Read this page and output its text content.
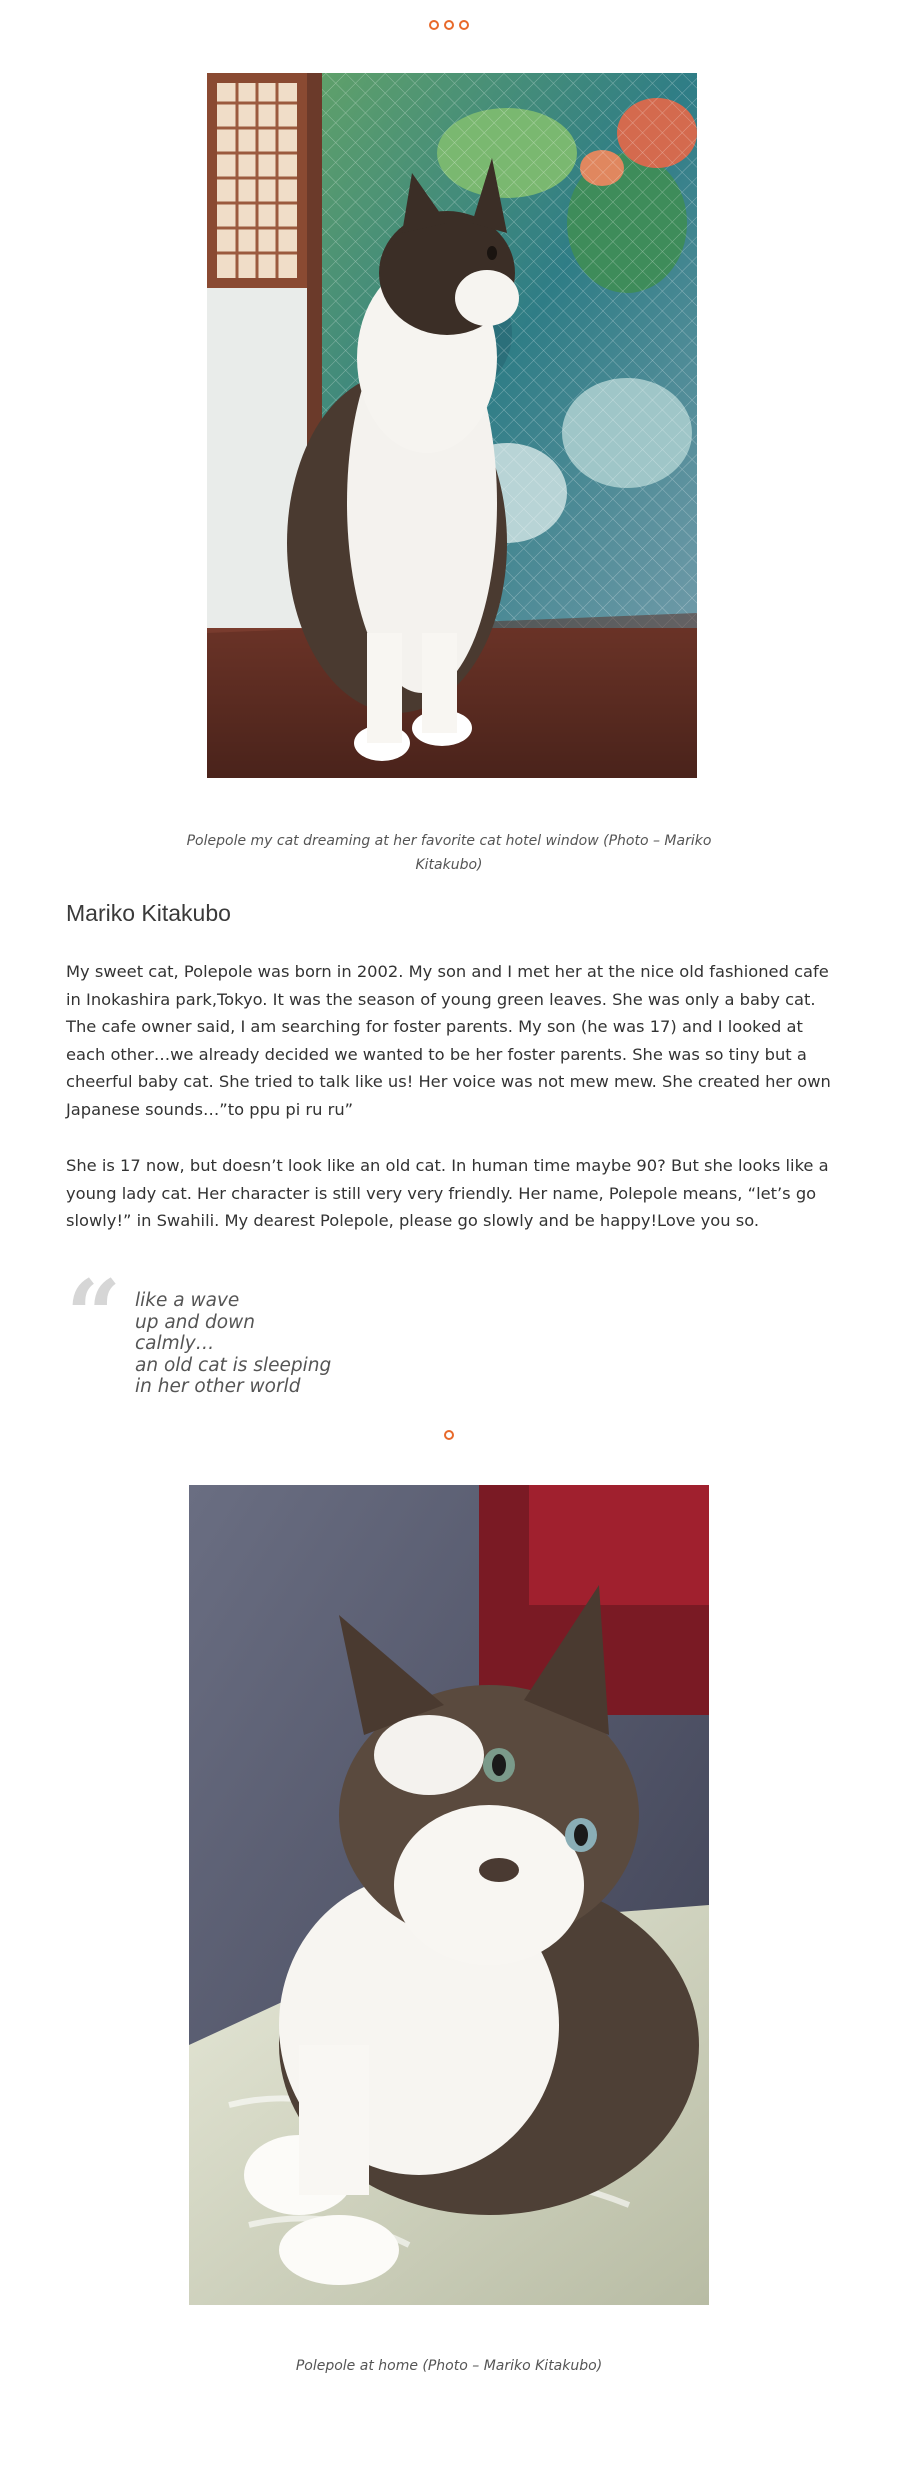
Polepole my cat dreaming at her favorite cat hotel window (Photo – Mariko Kitakubo)
Mariko Kitakubo

My sweet cat, Polepole was born in 2002. My son and I met her at the nice old fashioned cafe in Inokashira park,Tokyo. It was the season of young green leaves. She was only a baby cat. The cafe owner said, I am searching for foster parents. My son (he was 17) and I looked at each other…we already decided we wanted to be her foster parents. She was so tiny but a cheerful baby cat. She tried to talk like us! Her voice was not mew mew. She created her own Japanese sounds…”to ppu pi ru ru”

She is 17 now, but doesn’t look like an old cat. In human time maybe 90? But she looks like a young lady cat. Her character is still very very friendly. Her name, Polepole means, “let’s go slowly!” in Swahili. My dearest Polepole, please go slowly and be happy!Love you so.

“ like a wave
up and down
calmly…
an old cat is sleeping
in her other world
Polepole at home (Photo – Mariko Kitakubo)
